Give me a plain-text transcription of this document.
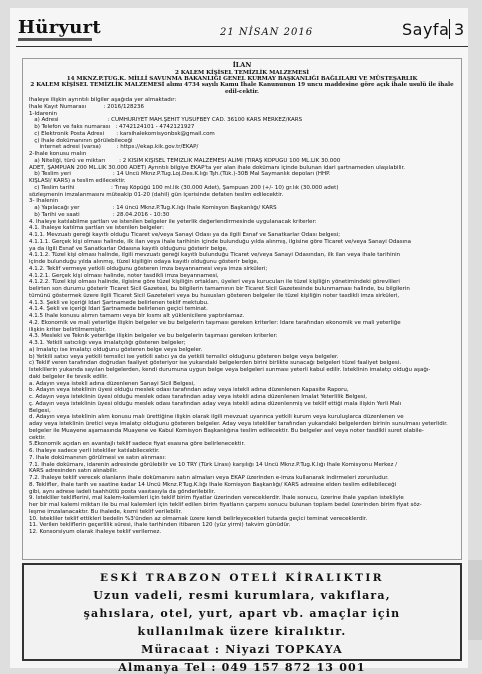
Hüryurt	21 NİSAN 2016	Sayfa 3
İLAN
2 KALEM KİŞİSEL TEMİZLİK MALZEMESİ
14 MKNZ.P.TUG.K. MİLLİ SAVUNMA BAKANLIĞI GENEL KURMAY BAŞKANLIĞI BAĞLILARI VE MÜSTEŞARLIK
2 KALEM KİŞİSEL TEMİZLİK MALZEMESİ alımı 4734 sayılı Kamu İhale Kanununun 19 uncu maddesine göre açık ihale usulü ile ihale
edil-cektir.
İhaleye ilişkin ayrıntılı bilgiler aşağıda yer almaktadır:
İhale Kayıt Numarası          : 2016/128236
1-İdarenin
a) Adresi                            : CUMHURİYET MAH.ŞEHİT YUSUFBEY CAD. 36100 KARS MERKEZ/KARS
b) Telefon ve faks numarası   : 4742124101 - 4742121927
c) Elektronik Posta Adresi       : karsihalekomisyonbsk@gmail.com
ç) İhale dokümanının görülebileceği
internet adresi (varsa)         : https://ekap.kik.gov.tr/EKAP/
2-İhale konusu malın
a) Niteliği, türü ve miktarı        : 2 KISIM KİŞİSEL TEMİZLİK MALZEMESİ ALIMI (TIRAŞ KÖPÜĞÜ 100 ML.LİK 30.000
ADET, ŞAMPUAN 200 ML.LİK 30.000 ADET) Ayrıntılı bilgiye EKAP'ta yer alan ihale dokümanı içinde bulunan idari şartnameden ulaşılabilir.
b) Teslim yeri                        : 14 Üncü Mknz.P.Tug.Loj.Des.K.lığı Tşh.(Tük.)-30B Mal Saymanlık depoları (HHP.
KIŞLASI/ KARS) a teslim edilecektir.
c) Teslim tarihi                     : Tıraş Köpüğü 100 ml.lik (30.000 Adet), Şampuan 200 (+/- 10) gr.lık (30.000 adet)
sözleşmenin imzalanmasını müteakip 01-20 (dahil) gün içerisinde defaten teslim edilecektir.
3- İhalenin
a) Yapılacağı yer                   : 14 üncü Mknz.P.Tug.K.lığı İhale Komisyon Başkanlığı/ KARS
b) Tarihi ve saati                   : 28.04.2016 - 10:30
4. İhaleye katılabilme şartları ve istenilen belgeler ile yeterlik değerlendirmesinde uygulanacak kriterler:
4.1. İhaleye katılma şartları ve istenilen belgeler:
4.1.1. Mevzuatı gereği kayıtlı olduğu Ticaret ve/veya Sanayi Odası ya da ilgili Esnaf ve Sanatkarlar Odası belgesi;
4.1.1.1. Gerçek kişi olması halinde, ilk ilan veya ihale tarihinin içinde bulunduğu yılda alınmış, ilgisine göre Ticaret ve/veya Sanayi Odasına
ya da ilgili Esnaf ve Sanatkarlar Odasına kayıtlı olduğunu gösterir belge,
4.1.1.2. Tüzel kişi olması halinde, ilgili mevzuatı gereği kayıtlı bulunduğu Ticaret ve/veya Sanayi Odasından, ilk ilan veya ihale tarihinin
içinde bulunduğu yılda alınmış, tüzel kişiliğin odaya kayıtlı olduğunu gösterir belge,
4.1.2. Teklif vermeye yetkili olduğunu gösteren imza beyannamesi veya imza sirküleri;
4.1.2.1. Gerçek kişi olması halinde, noter tasdikli imza beyannamesi,
4.1.2.2. Tüzel kişi olması halinde, ilgisine göre tüzel kişiliğin ortakları, üyeleri veya kurucuları ile tüzel kişiliğin yönetimindeki görevlileri
belirten son durumu gösterir Ticaret Sicil Gazetesi, bu bilgilerin tamamının bir Ticaret Sicil Gazetesinde bulunmaması halinde, bu bilgilerin
tümünü göstermek üzere ilgili Ticaret Sicil Gazeteleri veya bu hususları gösteren belgeler ile tüzel kişiliğin noter tasdikli imza sirküleri,
4.1.3. Şekli ve içeriği İdari Şartnamede belirlenen teklif mektubu.
4.1.4. Şekli ve içeriği İdari Şartnamede belirlenen geçici teminat.
4.1.5 İhale konusu alımın tamamı veya bir kısmı alt yüklenicilere yaptırılamaz.
4.2. Ekonomik ve mali yeterliğe ilişkin belgeler ve bu belgelerin taşıması gereken kriterler: İdare tarafından ekonomik ve mali yeterliğe
ilişkin kriter belirtilmemiştir.
4.3. Mesleki ve Teknik yeterliğe ilişkin belgeler ve bu belgelerin taşıması gereken kriterler:
4.3.1. Yetkili satıcılığı veya imalatçılığı gösteren belgeler;
a) İmalatçı ise imalatçı olduğunu gösteren belge veya belgeler.
b) Yetkili satıcı veya yetkili temsilci ise yetkili satıcı ya da yetkili temsilci olduğunu gösteren belge veya belgeler.
c) Teklif veren tarafından doğrudan faaliyet gösteriyor ise yukarıdaki belgelerden birini birlikte sunacağı belgeleri tüzel faaliyet belgesi.
İsteklilerin yukarıda sayılan belgelerden, kendi durumuna uygun belge veya belgeleri sunması yeterli kabul edilir. İsteklinin imalatçı olduğu aşağı-
daki belgeler ile tevsik edilir.
a. Adayın veya istekli adına düzenlenen Sanayi Sicil Belgesi,
b. Adayın veya isteklinin üyesi olduğu meslek odası tarafından aday veya istekli adına düzenlenen Kapasite Raporu,
c. Adayın veya isteklinin üyesi olduğu meslek odası tarafından aday veya istekli adına düzenlenen İmalat Yeterlilik Belgesi,
ç. Adayın veya isteklinin üyesi olduğu meslek odası tarafından aday veya istekli adına düzenlenmiş ve teklif ettiği mala ilişkin Yerli Malı
Belgesi,
d. Adayın veya isteklinin alım konusu malı ürettiğine ilişkin olarak ilgili mevzuat uyarınca yetkili kurum veya kuruluşlarca düzenlenen ve
aday veya isteklinin üretici veya imalatçı olduğunu gösteren belgeler. Aday veya istekliler tarafından yukarıdaki belgelerden birinin sunulması yeterlidir.
belgeler ile Muayene aşamasında Muayene ve Kabul Komisyon Başkanlığına teslim edilecektir. Bu belgeler asıl veya noter tasdikli suret olabile-
cektir.
5.Ekonomik açıdan en avantajlı teklif sadece fiyat esasına göre belirlenecektir.
6. İhaleye sadece yerli istekliler katılabilecektir.
7. İhale dokümanının görülmesi ve satın alınması:
7.1. İhale dokümanı, idarenin adresinde görülebilir ve 10 TRY (Türk Lirası) karşılığı 14 Üncü Mknz.P.Tug.K.lığı İhale Komisyonu Merkez /
KARS adresinden satın alınabilir.
7.2. İhaleye teklif verecek olanların ihale dokümanını satın almaları veya EKAP üzerinden e-imza kullanarak indirmeleri zorunludur.
8. Teklifler, ihale tarih ve saatine kadar 14 Üncü Mknz.P.Tug.K.lığı İhale Komisyon Başkanlığı/ KARS adresine elden teslim edilebileceği
gibi, aynı adrese iadeli taahhütlü posta vasıtasıyla da gönderilebilir.
9. İstekliler tekliflerini, mal kalem-kalemleri için teklif birim fiyatlar üzerinden vereceklerdir. İhale sonucu, üzerine ihale yapılan istekliyle
her bir mal kalemi miktarı ile bu mal kalemleri için teklif edilen birim fiyatların çarpımı sonucu bulunan toplam bedel üzerinden birim fiyat söz-
leşme imzalanacaktır. Bu ihalede, kısmi teklif verilebilir.
10. İstekliler teklif ettikleri bedelin %3'ünden az olmamak üzere kendi belirleyecekleri tutarda geçici teminat vereceklerdir.
11. Verilen tekliflerin geçerlilik süresi, ihale tarihinden itibaren 120 (yüz yirmi) takvim günüdür.
12. Konsorsiyum olarak ihaleye teklif verilemez.
ESKİ TRABZON OTELİ KİRALIKTIR
Uzun vadeli, resmi kurumlara, vakıflara,
şahıslara, otel, yurt, apart vb. amaçlar için
kullanılmak üzere kiralıktır.
Müracaat : Niyazi TOPKAYA
Almanya Tel : 049 157 872 13 001
